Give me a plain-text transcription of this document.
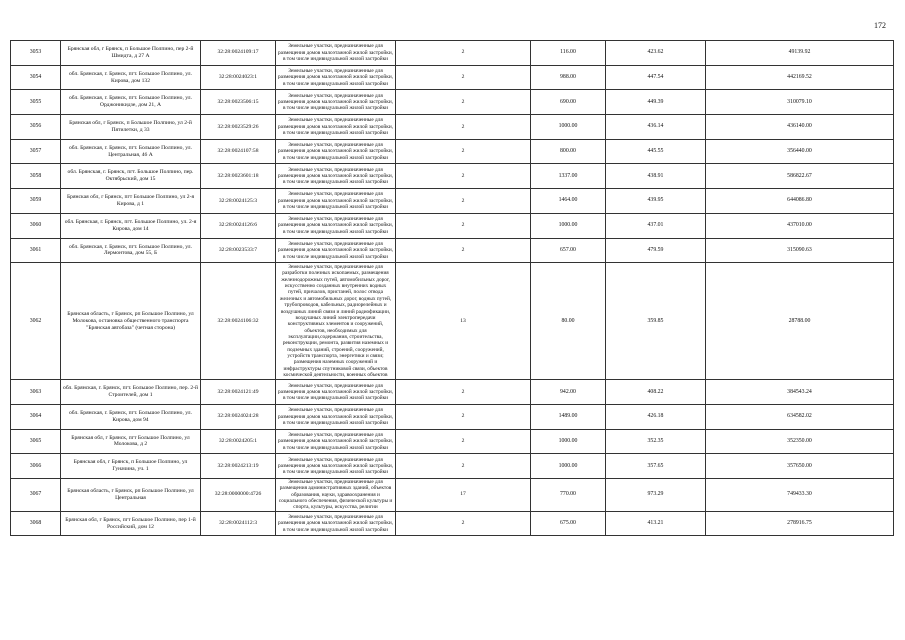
172
3053	Брянская обл, г Брянск, п Большое Полпино, пер 2-й Шмидта, д 27 А	32:28:0024109:17	Земельные участки, предназначенные для размещения домов малоэтажной жилой застройки, в том числе индивидуальной жилой застройки	2	116.00	423.62	49139.92
3054	обл. Брянская, г. Брянск, пгт. Большое Полпино, ул. Кирова, дом 132	32:28:0024023:1	Земельные участки, предназначенные для размещения домов малоэтажной жилой застройки, в том числе индивидуальной жилой застройки	2	988.00	447.54	442169.52
3055	обл. Брянская, г. Брянск, пгт. Большое Полпино, ул. Орджоникидзе, дом 21, А	32:28:0023506:15	Земельные участки, предназначенные для размещения домов малоэтажной жилой застройки, в том числе индивидуальной жилой застройки	2	690.00	449.39	310079.10
3056	Брянская обл, г Брянск, п Большое Полпино, ул 2-й Пятилетки, д 33	32:28:0023529:26	Земельные участки, предназначенные для размещения домов малоэтажной жилой застройки, в том числе индивидуальной жилой застройки	2	1000.00	436.14	436140.00
3057	обл. Брянская, г. Брянск, пгт. Большое Полпино, ул. Центральная, 46 А	32:28:0024107:58	Земельные участки, предназначенные для размещения домов малоэтажной жилой застройки, в том числе индивидуальной жилой застройки	2	800.00	445.55	356440.00
3058	обл. Брянская, г. Брянск, пгт. Большое Полпино, пер. Октябрьский, дом 15	32:28:0023601:18	Земельные участки, предназначенные для размещения домов малоэтажной жилой застройки, в том числе индивидуальной жилой застройки	2	1337.00	438.91	586822.67
3059	Брянская обл, г Брянск, пгт Большое Полпино, ул 2-я Кирова, д 1	32:28:0024125:3	Земельные участки, предназначенные для размещения домов малоэтажной жилой застройки, в том числе индивидуальной жилой застройки	2	1464.00	439.95	644086.80
3060	обл. Брянская, г. Брянск, пгт. Большое Полпино, ул. 2-я Кирова, дом 14	32:28:0024126:6	Земельные участки, предназначенные для размещения домов малоэтажной жилой застройки, в том числе индивидуальной жилой застройки	2	1000.00	437.01	437010.00
3061	обл. Брянская, г. Брянск, пгт. Большое Полпино, ул. Лермонтова, дом 55, Б	32:28:0023533:7	Земельные участки, предназначенные для размещения домов малоэтажной жилой застройки, в том числе индивидуальной жилой застройки	2	657.00	479.59	315090.63
3062	Брянская область, г Брянск, рп Большое Полпино, ул Молокова, остановка общественного транспорта "Брянская автобаза" (четная сторона)	32:28:0024106:32	Земельные участки, предназначенные для разработки полезных ископаемых, размещения железнодорожных путей, автомобильных дорог, искусственно созданных внутренних водных путей, причалов, пристаней, полос отвода железных и автомобильных дорог, водных путей, трубопроводов, кабельных, радиорелейных и воздушных линий связи и линий радиофикации, воздушных линий электропередачи конструктивных элементов и сооружений, объектов, необходимых для эксплуатации,содержания, строительства, реконструкции, ремонта, развития наземных и подземных зданий, строений, сооружений, устройств транспорта, энергетики и связи; размещения наземных сооружений и инфраструктуры спутниковой связи, объектов космической деятельности, военных объектов	13	80.00	359.85	28788.00
3063	обл. Брянская, г. Брянск, пгт. Большое Полпино, пер. 2-й Строителей, дом 1	32:28:0024121:49	Земельные участки, предназначенные для размещения домов малоэтажной жилой застройки, в том числе индивидуальной жилой застройки	2	942.00	408.22	384543.24
3064	обл. Брянская, г. Брянск, пгт. Большое Полпино, ул. Кирова, дом 94	32:28:0024024:28	Земельные участки, предназначенные для размещения домов малоэтажной жилой застройки, в том числе индивидуальной жилой застройки	2	1489.00	426.18	634582.02
3065	Брянская обл, г Брянск, пгт Большое Полпино, ул Молокова, д 2	32:28:0024205:1	Земельные участки, предназначенные для размещения домов малоэтажной жилой застройки, в том числе индивидуальной жилой застройки	2	1000.00	352.35	352350.00
3066	Брянская обл, г Брянск, п Большое Полпино, ул Гуначина, уч. 1	32:28:0024213:19	Земельные участки, предназначенные для размещения домов малоэтажной жилой застройки, в том числе индивидуальной жилой застройки	2	1000.00	357.65	357650.00
3067	Брянская область, г Брянск, рп Большое Полпино, ул Центральная	32:28:0000000:4726	Земельные участки, предназначенные для размещения административных зданий, объектов образования, науки, здравоохранения и социального обеспечения, физической культуры и спорта, культуры, искусства, религии	17	770.00	973.29	749433.30
3068	Брянская обл, г Брянск, пгт Большое Полпино, пер 1-й Российский, дом 12	32:28:0024112:3	Земельные участки, предназначенные для размещения домов малоэтажной жилой застройки, в том числе индивидуальной жилой застройки	2	675.00	413.21	278916.75
